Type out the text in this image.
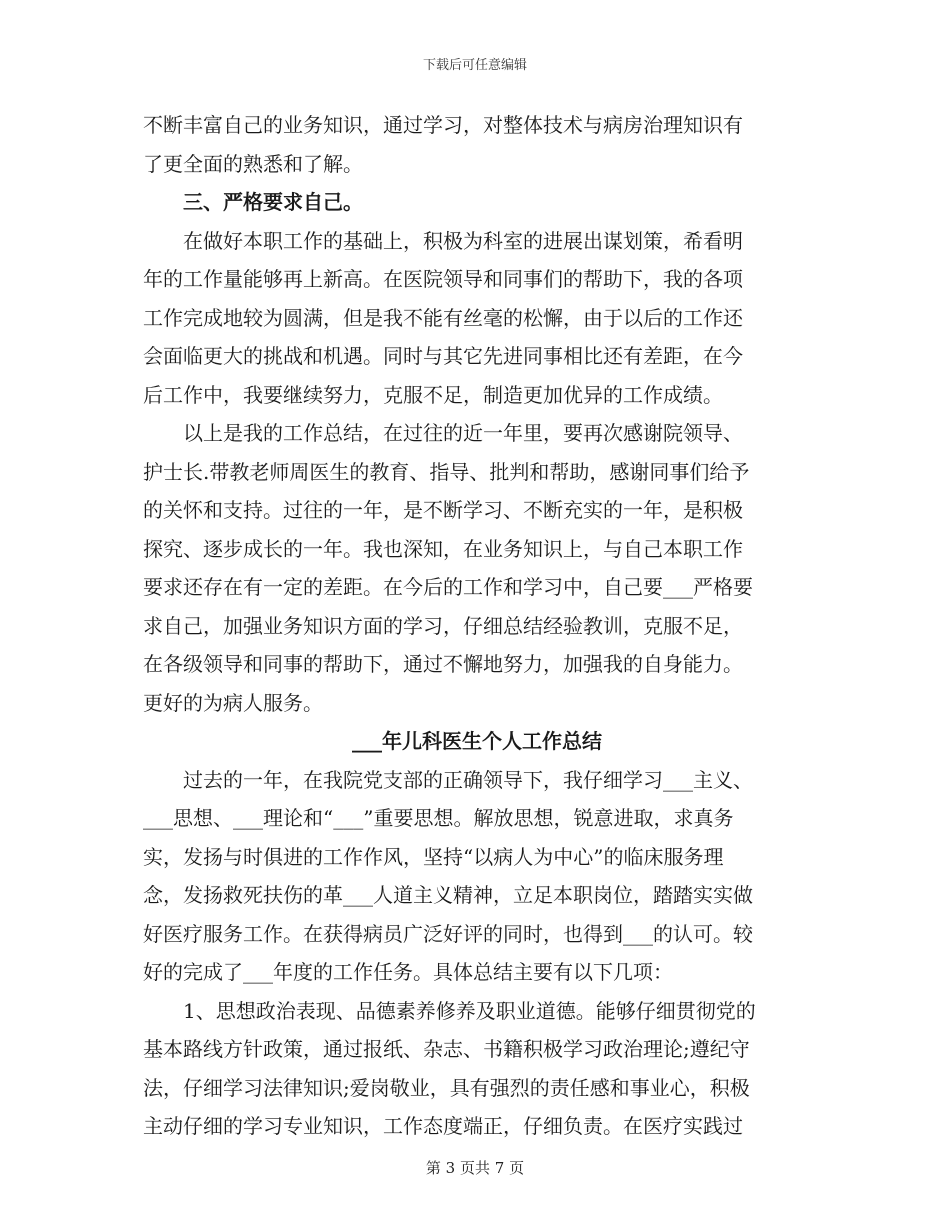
下载后可任意编辑
不断丰富自己的业务知识，通过学习，对整体技术与病房治理知识有
了更全面的熟悉和了解。
三、严格要求自己。
在做好本职工作的基础上，积极为科室的进展出谋划策，希看明
年的工作量能够再上新高。在医院领导和同事们的帮助下，我的各项
工作完成地较为圆满，但是我不能有丝毫的松懈，由于以后的工作还
会面临更大的挑战和机遇。同时与其它先进同事相比还有差距，在今
后工作中，我要继续努力，克服不足，制造更加优异的工作成绩。
以上是我的工作总结，在过往的近一年里，要再次感谢院领导、
护士长.带教老师周医生的教育、指导、批判和帮助，感谢同事们给予
的关怀和支持。过往的一年，是不断学习、不断充实的一年，是积极
探究、逐步成长的一年。我也深知，在业务知识上，与自己本职工作
要求还存在有一定的差距。在今后的工作和学习中，自己要___严格要
求自己，加强业务知识方面的学习，仔细总结经验教训，克服不足，
在各级领导和同事的帮助下，通过不懈地努力，加强我的自身能力。
更好的为病人服务。
___年儿科医生个人工作总结
过去的一年，在我院党支部的正确领导下，我仔细学习___主义、
___思想、___理论和“___”重要思想。解放思想，锐意进取，求真务
实，发扬与时俱进的工作作风，坚持“以病人为中心”的临床服务理
念，发扬救死扶伤的革___人道主义精神，立足本职岗位，踏踏实实做
好医疗服务工作。在获得病员广泛好评的同时，也得到___的认可。较
好的完成了___年度的工作任务。具体总结主要有以下几项：
1、思想政治表现、品德素养修养及职业道德。能够仔细贯彻党的
基本路线方针政策，通过报纸、杂志、书籍积极学习政治理论;遵纪守
法，仔细学习法律知识;爱岗敬业，具有强烈的责任感和事业心，积极
主动仔细的学习专业知识，工作态度端正，仔细负责。在医疗实践过
第 3 页共 7 页
